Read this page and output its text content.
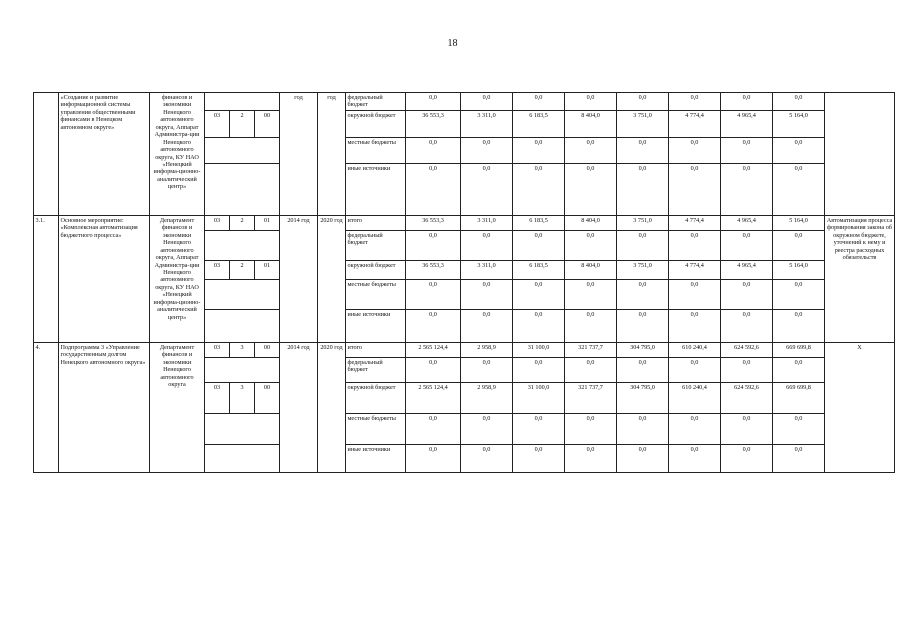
18
	«Создание и развитие информационной системы управления общественными финансами в Ненецком автономном округе»	финансов и экономики Ненецкого автономного округа, Аппарат Администра-ции Ненецкого автономного округа, КУ НАО «Ненецкий информа-ционно-аналитический центр»				год	год	федеральный бюджет	0,0	0,0	0,0	0,0	0,0	0,0	0,0	0,0	
			03	2	00			окружной бюджет	36 553,3	3 311,0	6 183,5	8 404,0	3 751,0	4 774,4	4 965,4	5 164,0	
								местные бюджеты	0,0	0,0	0,0	0,0	0,0	0,0	0,0	0,0	
								иные источники	0,0	0,0	0,0	0,0	0,0	0,0	0,0	0,0	
3.1.	Основное мероприятие: «Комплексная автоматизация бюджетного процесса»	Департамент финансов и экономики Ненецкого автономного округа, Аппарат Администра-ции Ненецкого автономного округа, КУ НАО «Ненецкий информа-ционно-аналитический центр»	03	2	01	2014 год	2020 год	итого	36 553,3	3 311,0	6 183,5	8 404,0	3 751,0	4 774,4	4 965,4	5 164,0	Автоматизация процесса формирования закона об окружном бюджете, уточнений к нему и реестра расходных обязательств
								федеральный бюджет	0,0	0,0	0,0	0,0	0,0	0,0	0,0	0,0	
			03	2	01			окружной бюджет	36 553,3	3 311,0	6 183,5	8 404,0	3 751,0	4 774,4	4 965,4	5 164,0	
								местные бюджеты	0,0	0,0	0,0	0,0	0,0	0,0	0,0	0,0	
								иные источники	0,0	0,0	0,0	0,0	0,0	0,0	0,0	0,0	
4.	Подпрограмма 3 «Управление государственным долгом Ненецкого автономного округа»	Департамент финансов и экономики Ненецкого автономного округа	03	3	00	2014 год	2020 год	итого	2 565 124,4	2 958,9	31 100,0	321 737,7	304 795,0	610 240,4	624 592,6	669 699,8	X
								федеральный бюджет	0,0	0,0	0,0	0,0	0,0	0,0	0,0	0,0	
			03	3	00			окружной бюджет	2 565 124,4	2 958,9	31 100,0	321 737,7	304 795,0	610 240,4	624 592,6	669 699,8	
								местные бюджеты	0,0	0,0	0,0	0,0	0,0	0,0	0,0	0,0	
								иные источники	0,0	0,0	0,0	0,0	0,0	0,0	0,0	0,0	
